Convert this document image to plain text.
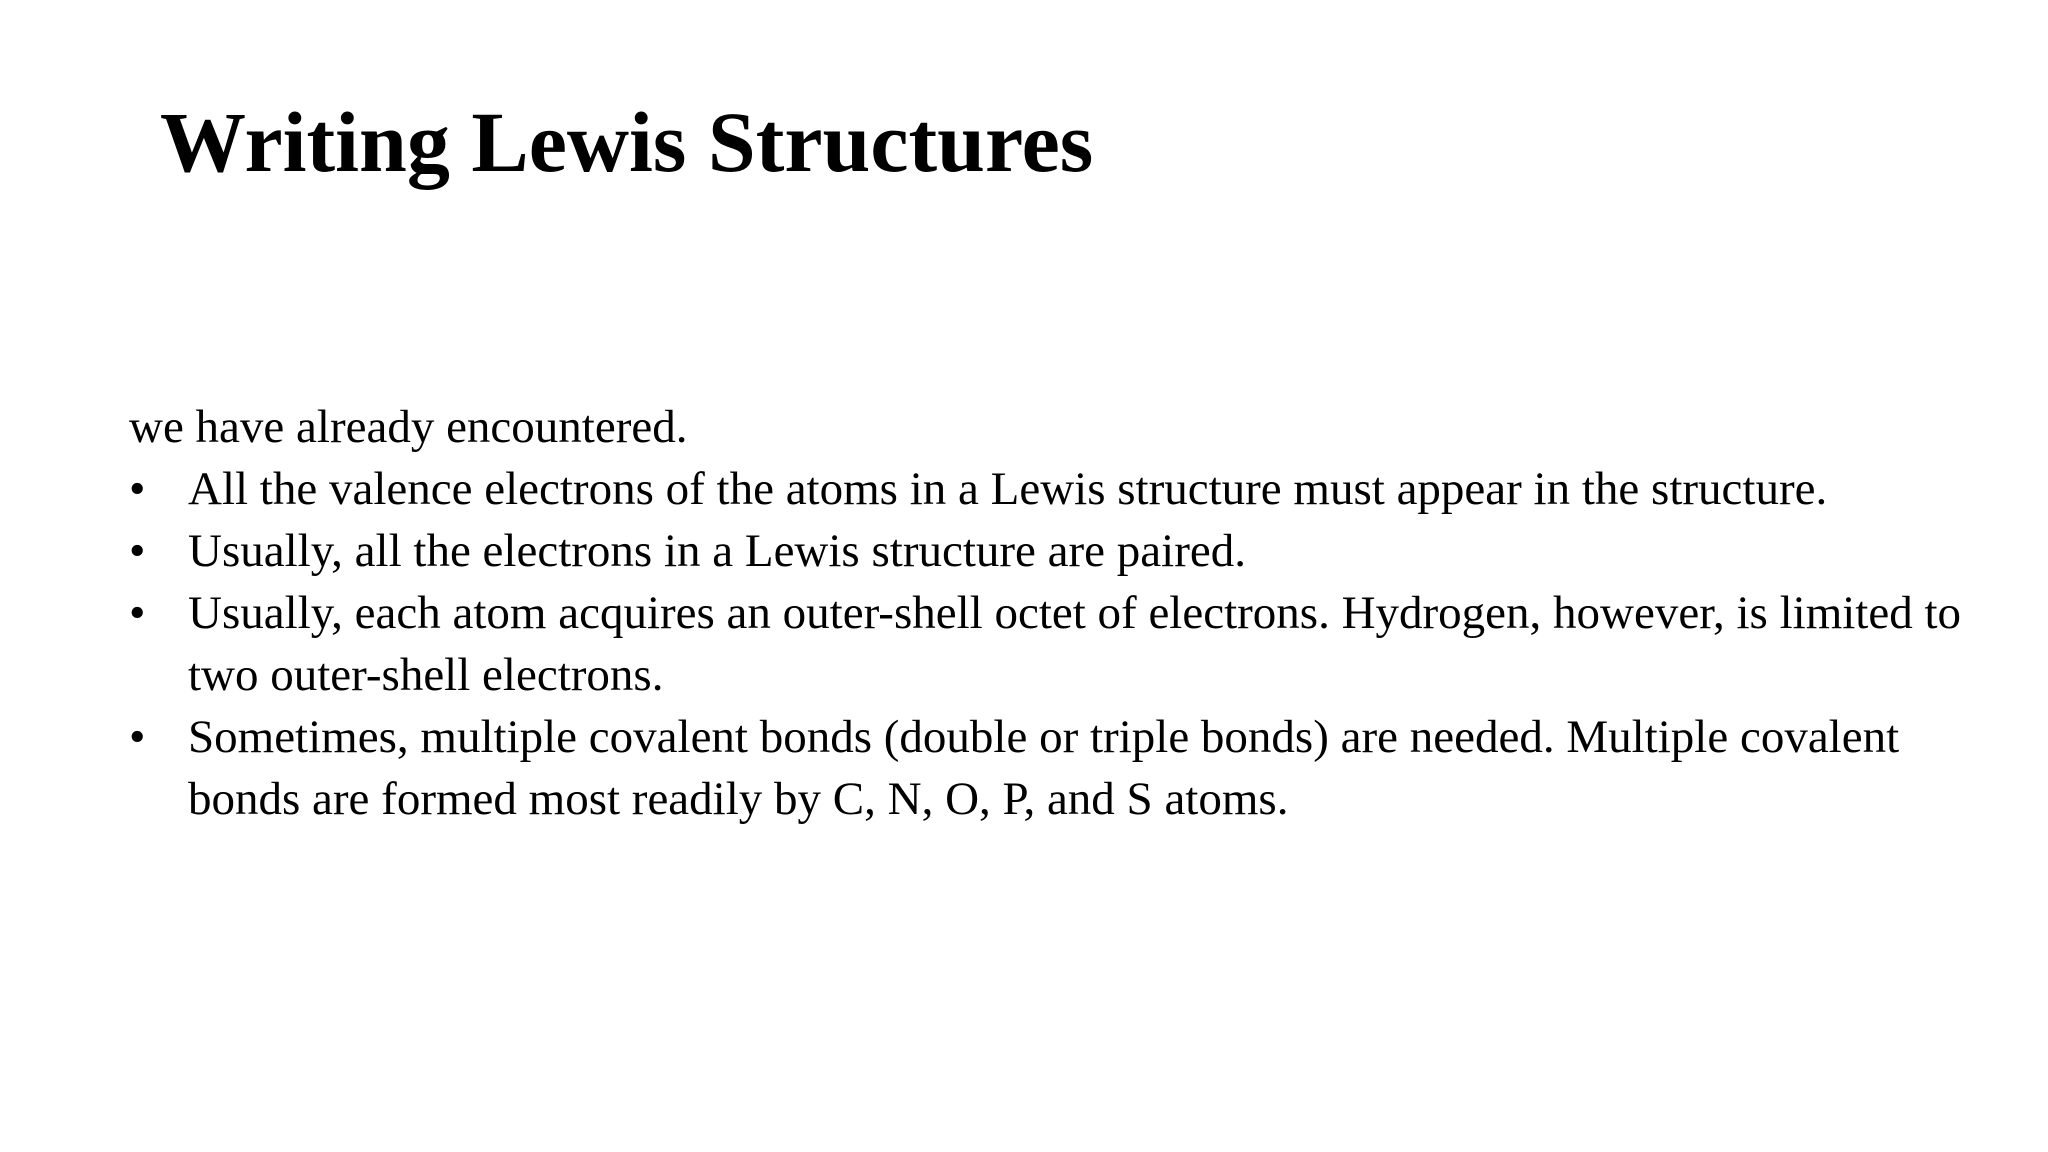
Writing Lewis Structures

we have already encountered.

• All the valence electrons of the atoms in a Lewis structure must appear in the structure.
• Usually, all the electrons in a Lewis structure are paired.
• Usually, each atom acquires an outer-shell octet of electrons. Hydrogen, however, is limited to two outer-shell electrons.
• Sometimes, multiple covalent bonds (double or triple bonds) are needed. Multiple covalent bonds are formed most readily by C, N, O, P, and S atoms.
